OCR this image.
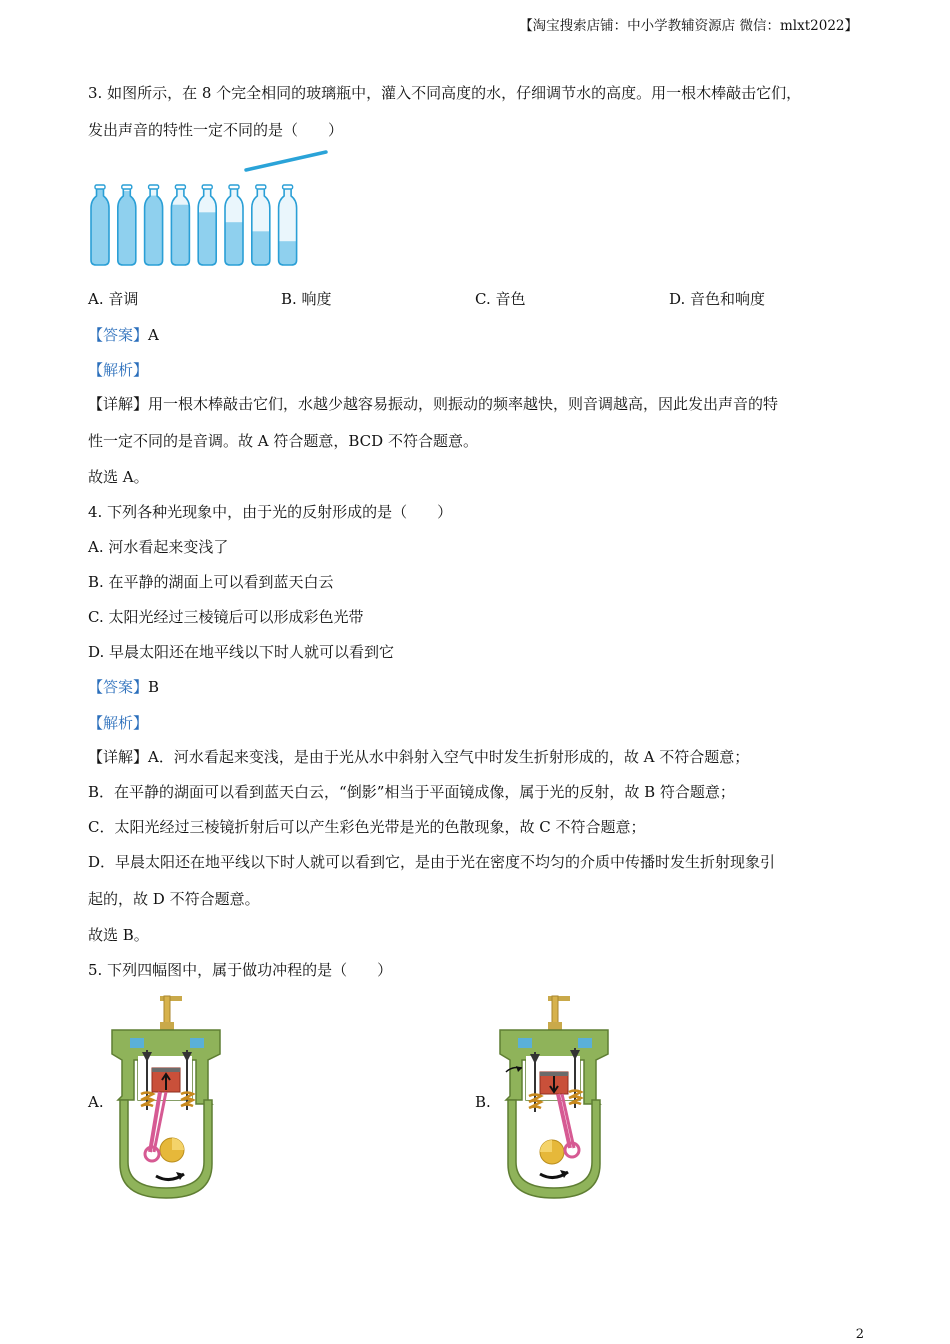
【淘宝搜索店铺：中小学教辅资源店 微信：mlxt2022】
3. 如图所示，在 8 个完全相同的玻璃瓶中，灌入不同高度的水，仔细调节水的高度。用一根木棒敲击它们，
发出声音的特性一定不同的是（　　）
A. 音调	B. 响度	C. 音色	D. 音色和响度
【答案】A
【解析】
【详解】用一根木棒敲击它们，水越少越容易振动，则振动的频率越快，则音调越高，因此发出声音的特
性一定不同的是音调。故 A 符合题意，BCD 不符合题意。
故选 A。
4. 下列各种光现象中，由于光的反射形成的是（　　）
A. 河水看起来变浅了
B. 在平静的湖面上可以看到蓝天白云
C. 太阳光经过三棱镜后可以形成彩色光带
D. 早晨太阳还在地平线以下时人就可以看到它
【答案】B
【解析】
【详解】A．河水看起来变浅，是由于光从水中斜射入空气中时发生折射形成的，故 A 不符合题意；
B．在平静的湖面可以看到蓝天白云，“倒影”相当于平面镜成像，属于光的反射，故 B 符合题意；
C．太阳光经过三棱镜折射后可以产生彩色光带是光的色散现象，故 C 不符合题意；
D．早晨太阳还在地平线以下时人就可以看到它，是由于光在密度不均匀的介质中传播时发生折射现象引
起的，故 D 不符合题意。
故选 B。
5. 下列四幅图中，属于做功冲程的是（　　）
A.	B.
2
